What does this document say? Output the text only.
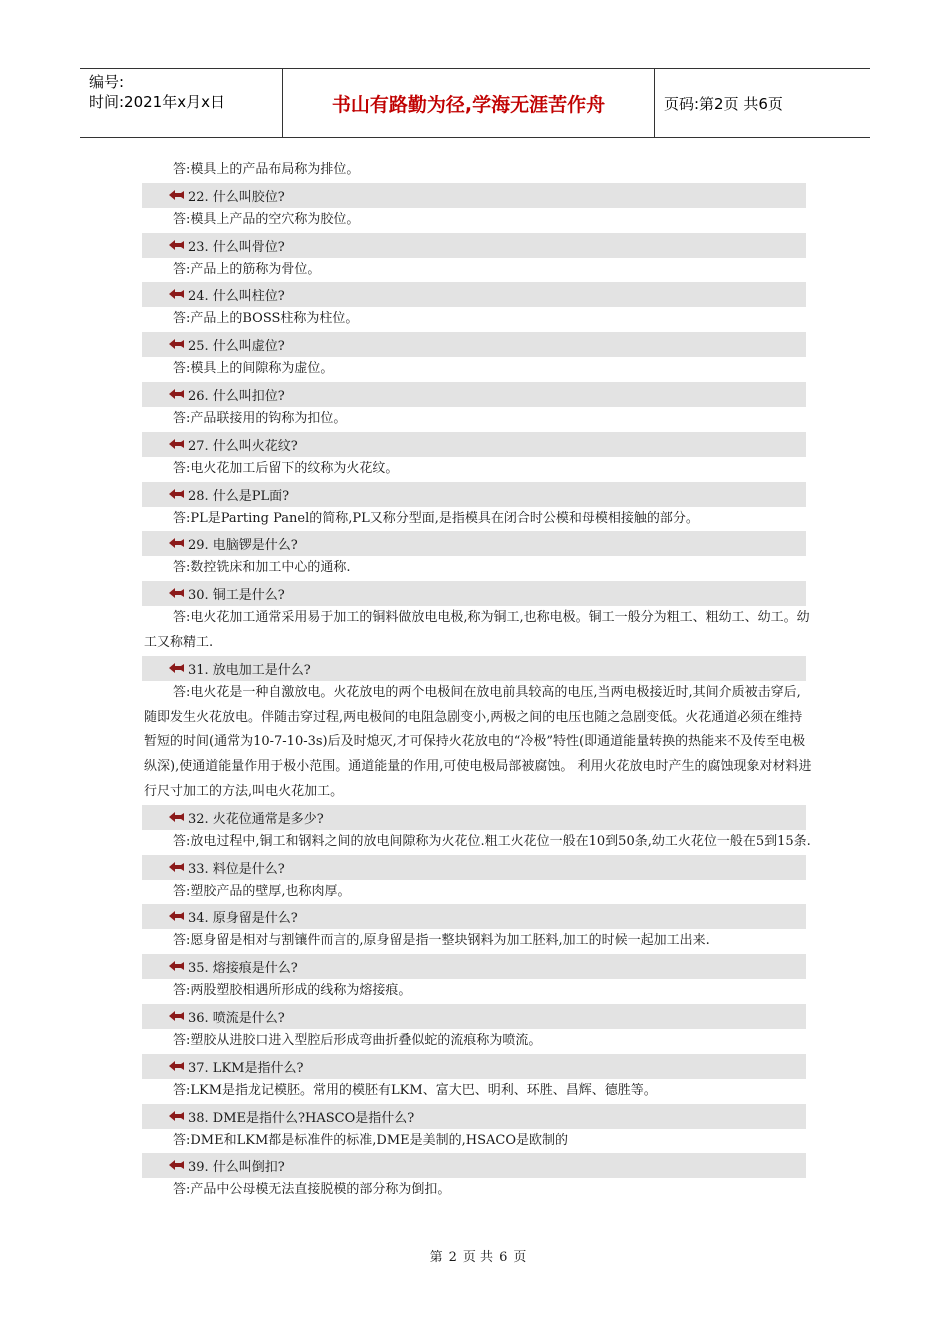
编号:
时间:2021年x月x日	书山有路勤为径,学海无涯苦作舟	页码:第2页 共6页

答:模具上的产品布局称为排位。

22. 什么叫胶位?

答:模具上产品的空穴称为胶位。

23. 什么叫骨位?

答:产品上的筋称为骨位。

24. 什么叫柱位?

答:产品上的BOSS柱称为柱位。

25. 什么叫虚位?

答:模具上的间隙称为虚位。

26. 什么叫扣位?

答:产品联接用的钩称为扣位。

27. 什么叫火花纹?

答:电火花加工后留下的纹称为火花纹。

28. 什么是PL面?

答:PL是Parting Panel的简称,PL又称分型面,是指模具在闭合时公模和母模相接触的部分。

29. 电脑锣是什么?

答:数控铣床和加工中心的通称.

30. 铜工是什么?

答:电火花加工通常采用易于加工的铜料做放电电极,称为铜工,也称电极。铜工一般分为粗工、粗幼工、幼工。幼工又称精工.

31. 放电加工是什么?

答:电火花是一种自激放电。火花放电的两个电极间在放电前具较高的电压,当两电极接近时,其间介质被击穿后,随即发生火花放电。伴随击穿过程,两电极间的电阻急剧变小,两极之间的电压也随之急剧变低。火花通道必须在维持暂短的时间(通常为10-7-10-3s)后及时熄灭,才可保持火花放电的“冷极”特性(即通道能量转换的热能来不及传至电极纵深),使通道能量作用于极小范围。通道能量的作用,可使电极局部被腐蚀。 利用火花放电时产生的腐蚀现象对材料进行尺寸加工的方法,叫电火花加工。

32. 火花位通常是多少?

答:放电过程中,铜工和钢料之间的放电间隙称为火花位.粗工火花位一般在10到50条,幼工火花位一般在5到15条.

33. 料位是什么?

答:塑胶产品的壁厚,也称肉厚。

34. 原身留是什么?

答:愿身留是相对与割镶件而言的,原身留是指一整块钢料为加工胚料,加工的时候一起加工出来.

35. 熔接痕是什么?

答:两股塑胶相遇所形成的线称为熔接痕。

36. 喷流是什么?

答:塑胶从进胶口进入型腔后形成弯曲折叠似蛇的流痕称为喷流。

37. LKM是指什么?

答:LKM是指龙记模胚。常用的模胚有LKM、富大巴、明利、环胜、昌辉、德胜等。

38. DME是指什么?HASCO是指什么?

答:DME和LKM都是标准件的标准,DME是美制的,HSACO是欧制的

39. 什么叫倒扣?

答:产品中公母模无法直接脱模的部分称为倒扣。

第 2 页 共 6 页
